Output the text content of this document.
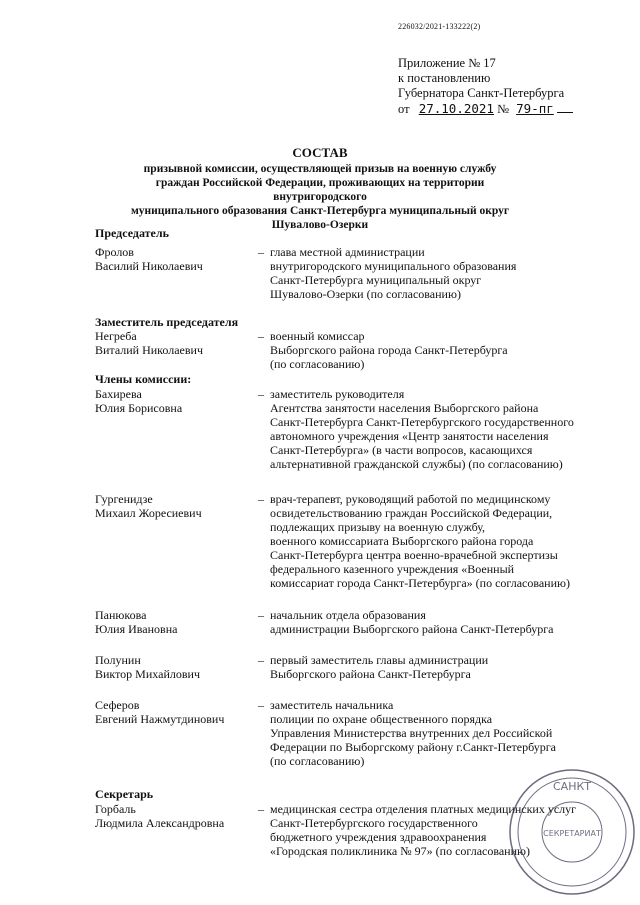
226032/2021-133222(2)
Приложение № 17
к постановлению
Губернатора Санкт-Петербурга
от 27.10.2021 № 79-пг
СОСТАВ
призывной комиссии, осуществляющей призыв на военную службу
граждан Российской Федерации, проживающих на территории внутригородского
муниципального образования Санкт-Петербурга муниципальный округ
Шувалово-Озерки
Председатель
Фролов
Василий Николаевич
– глава местной администрации
внутригородского муниципального образования
Санкт-Петербурга муниципальный округ
Шувалово-Озерки (по согласованию)
Заместитель председателя
Негреба
Виталий Николаевич
– военный комиссар
Выборгского района города Санкт-Петербурга
(по согласованию)
Члены комиссии:
Бахирева
Юлия Борисовна
– заместитель руководителя
Агентства занятости населения Выборгского района
Санкт-Петербурга Санкт-Петербургского государственного
автономного учреждения «Центр занятости населения
Санкт-Петербурга» (в части вопросов, касающихся
альтернативной гражданской службы) (по согласованию)
Гургенидзе
Михаил Жоресиевич
– врач-терапевт, руководящий работой по медицинскому
освидетельствованию граждан Российской Федерации,
подлежащих призыву на военную службу,
военного комиссариата Выборгского района города
Санкт-Петербурга центра военно-врачебной экспертизы
федерального казенного учреждения «Военный
комиссариат города Санкт-Петербурга» (по согласованию)
Панюкова
Юлия Ивановна
– начальник отдела образования
администрации Выборгского района Санкт-Петербурга
Полунин
Виктор Михайлович
– первый заместитель главы администрации
Выборгского района Санкт-Петербурга
Сеферов
Евгений Нажмутдинович
– заместитель начальника
полиции по охране общественного порядка
Управления Министерства внутренних дел Российской
Федерации по Выборгскому району г.Санкт-Петербурга
(по согласованию)
Секретарь
Горбаль
Людмила Александровна
– медицинская сестра отделения платных медицинских услуг
Санкт-Петербургского государственного
бюджетного учреждения здравоохранения
«Городская поликлиника № 97» (по согласованию)
САНКТ
СЕКРЕТАРИАТ
